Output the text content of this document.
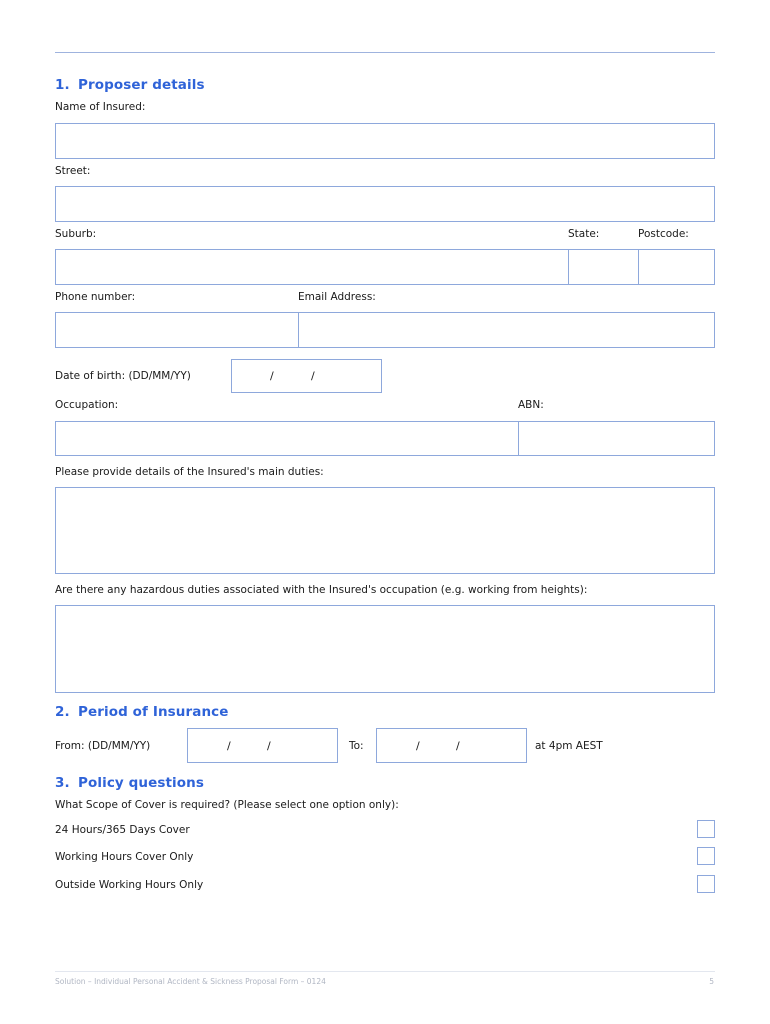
1. Proposer details
Name of Insured:
Street:
Suburb:	State:	Postcode:
Phone number:	Email Address:
Date of birth: (DD/MM/YY)	/	/
Occupation:	ABN:
Please provide details of the Insured's main duties:
Are there any hazardous duties associated with the Insured's occupation (e.g. working from heights):
2. Period of Insurance
From: (DD/MM/YY)	/	/	To:	/	/	at 4pm AEST
3. Policy questions
What Scope of Cover is required? (Please select one option only):
24 Hours/365 Days Cover
Working Hours Cover Only
Outside Working Hours Only
Solution – Individual Personal Accident & Sickness Proposal Form – 0124	5
